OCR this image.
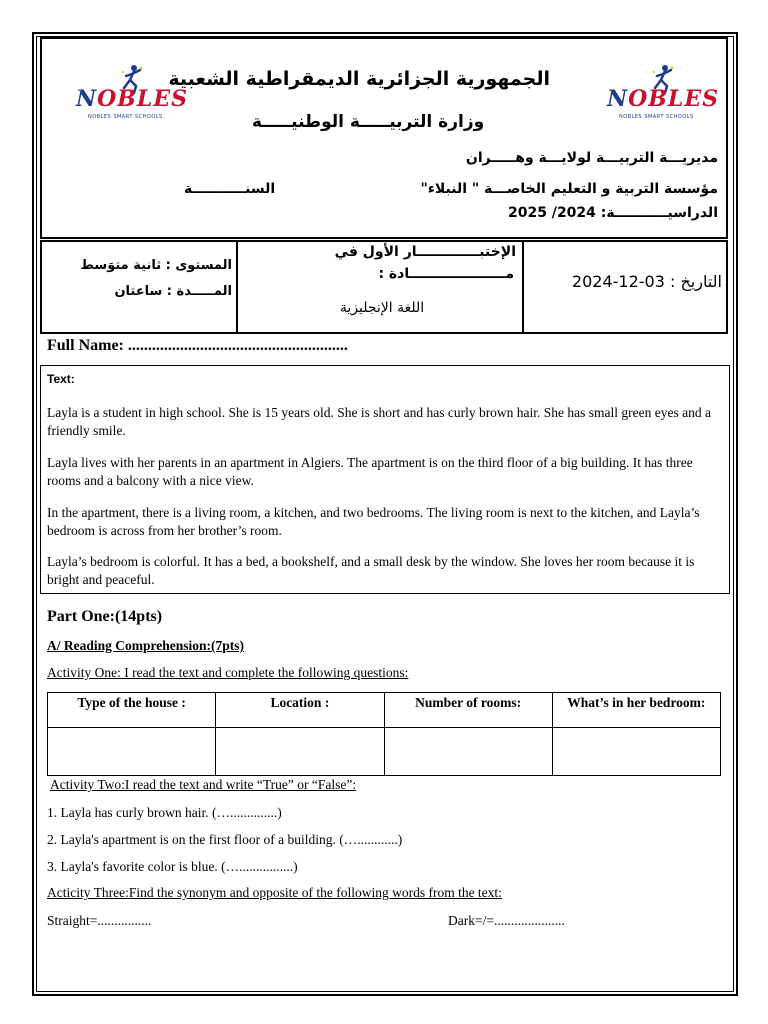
NOBLES
NOBLES SMART SCHOOLS
NOBLES
NOBLES SMART SCHOOLS
الجمهورية الجزائرية الديمقراطية الشعبية
وزارة التربيـــــة الوطنيـــــة
مديريـــة التربيـــة لولايـــة وهـــــران
مؤسسة التربية و التعليم الخاصـــة " النبلاء"
السنـــــــــــة
الدراسيـــــــــــة: 2024/ 2025
المستوى : ثانية متوَسط
المـــــدة : ساعتان
الإختبـــــــــــــار الأول في
مــــــــــــــــــــادة :
اللغة الإنجليزية
التاريخ : 03-12-2024
Full Name: .......................................................
Text:

Layla is a student in high school. She is 15 years old. She is short and has curly brown hair. She has small green eyes and a friendly smile.

Layla lives with her parents in an apartment in Algiers. The apartment is on the third floor of a big building. It has three rooms and a balcony with a nice view.

In the apartment, there is a living room, a kitchen, and two bedrooms. The living room is next to the kitchen, and Layla’s bedroom is across from her brother’s room.

Layla’s bedroom is colorful. It has a bed, a bookshelf, and a small desk by the window. She loves her room because it is bright and peaceful.

Part One:(14pts)
A/ Reading Comprehension:(7pts)
Activity One: I read the text and complete the following questions:
Type of the house :	Location :	Number of rooms:	What’s in her bedroom:

Activity Two:I read the text and write “True” or “False”:
1. Layla has curly brown hair. (…..............)
2. Layla's apartment is on the first floor of a building. (…............)
3. Layla's favorite color is blue. (…................)
Acticity Three:Find the synonym and opposite of the following words from the text:
Straight=................	Dark=/=.....................
